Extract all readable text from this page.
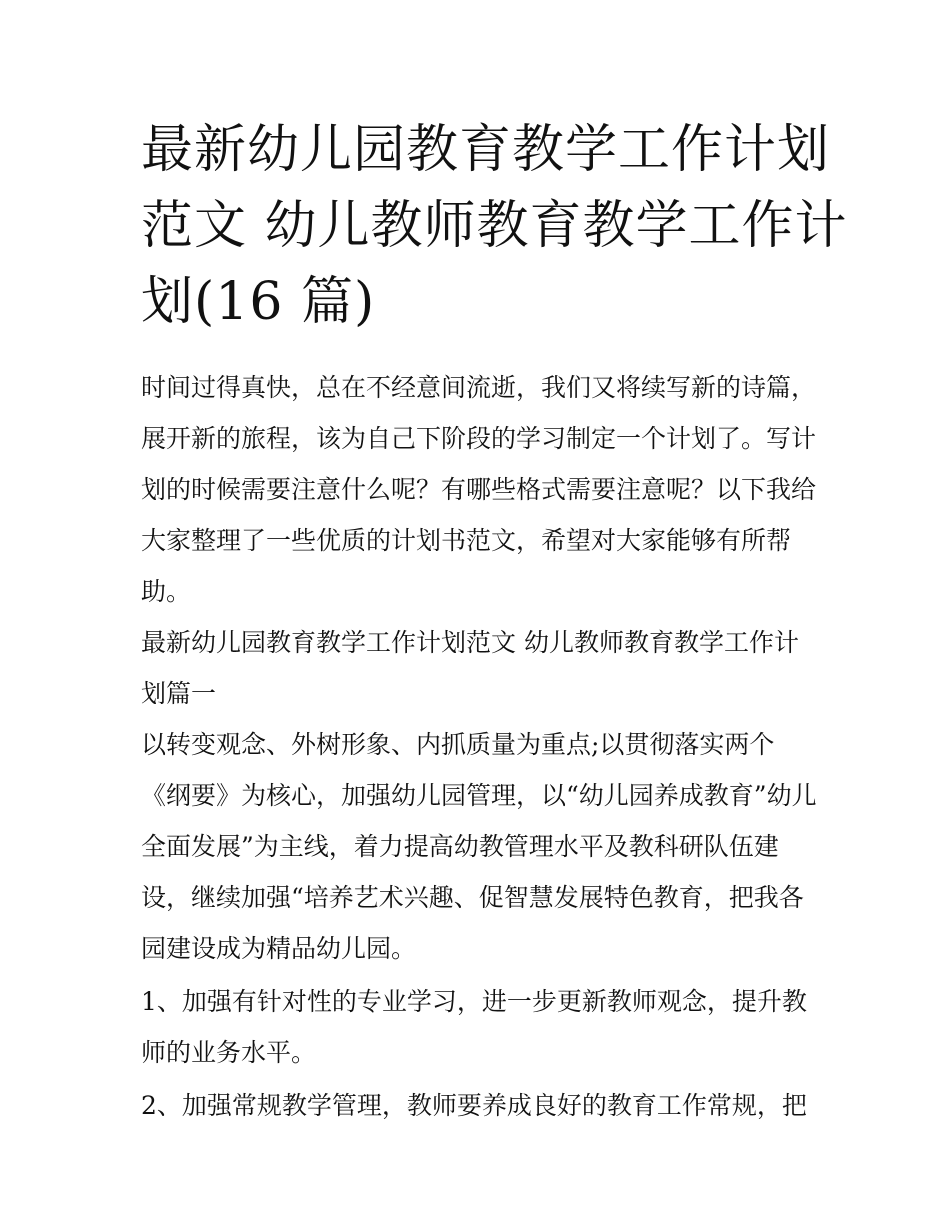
最新幼儿园教育教学工作计划
范文 幼儿教师教育教学工作计
划(16 篇)

时间过得真快，总在不经意间流逝，我们又将续写新的诗篇，
展开新的旅程，该为自己下阶段的学习制定一个计划了。写计
划的时候需要注意什么呢？有哪些格式需要注意呢？以下我给
大家整理了一些优质的计划书范文，希望对大家能够有所帮
助。

最新幼儿园教育教学工作计划范文 幼儿教师教育教学工作计
划篇一

以转变观念、外树形象、内抓质量为重点;以贯彻落实两个
《纲要》为核心，加强幼儿园管理，以“幼儿园养成教育”幼儿
全面发展”为主线，着力提高幼教管理水平及教科研队伍建
设，继续加强“培养艺术兴趣、促智慧发展特色教育，把我各
园建设成为精品幼儿园。

1、加强有针对性的专业学习，进一步更新教师观念，提升教
师的业务水平。

2、加强常规教学管理，教师要养成良好的教育工作常规，把
